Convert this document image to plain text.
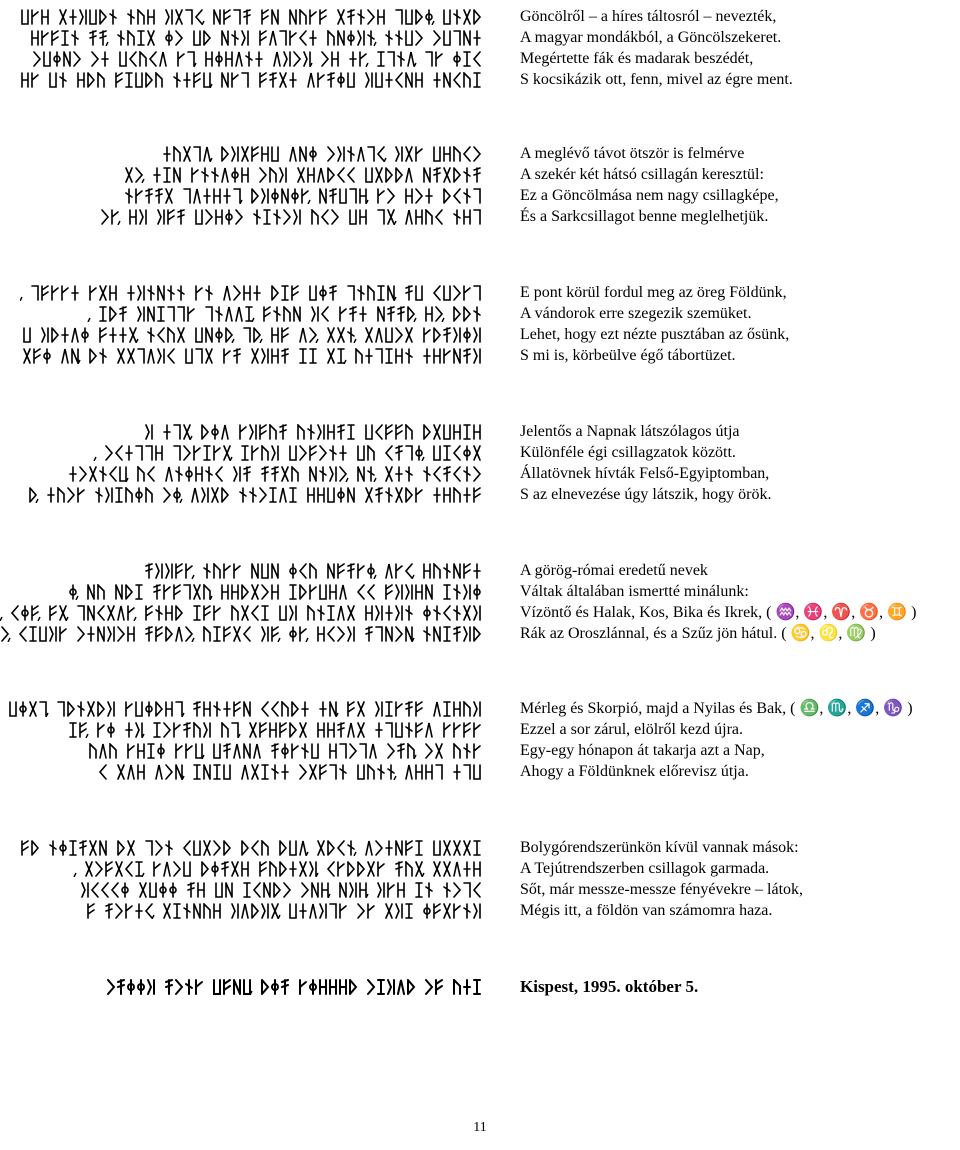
Göncölről – a híres táltosról – nevezték,
A magyar mondákból, a Göncölszekeret.
Megértette fák és madarak beszédét,
S kocsikázik ott, fenn, mivel az égre ment.
A meglévő távot ötször is felmérve
A szekér két hátsó csillagán keresztül:
Ez a Göncölmása nem nagy csillagképe,
És a Sarkcsillagot benne meglelhetjük.
E pont körül fordul meg az öreg Földünk,
A vándorok erre szegezik szemüket.
Lehet, hogy ezt nézte pusztában az ősünk,
S mi is, körbeülve égő tábortüzet.
Jelentős a Napnak látszólagos útja
Különféle égi csillagzatok között.
Állatövnek hívták Felső-Egyiptomban,
S az elnevezése úgy látszik, hogy örök.
A görög-római eredetű nevek
Váltak általában ismertté minálunk:
Vízöntő és Halak, Kos, Bika és Ikrek, ( ♒, ♓, ♈, ♉, ♊ )
Rák az Oroszlánnal, és a Szűz jön hátul. ( ♋, ♌, ♍ )
Mérleg és Skorpió, majd a Nyilas és Bak, ( ♎, ♏, ♐, ♑ )
Ezzel a sor zárul, elölről kezd újra.
Egy-egy hónapon át takarja azt a Nap,
Ahogy a Földünknek előrevisz útja.
Bolygórendszerünkön kívül vannak mások:
A Tejútrendszerben csillagok garmada.
Sőt, már messze-messze fényévekre – látok,
Mégis itt, a földön van számomra haza.
Kispest, 1995. október 5.
11
